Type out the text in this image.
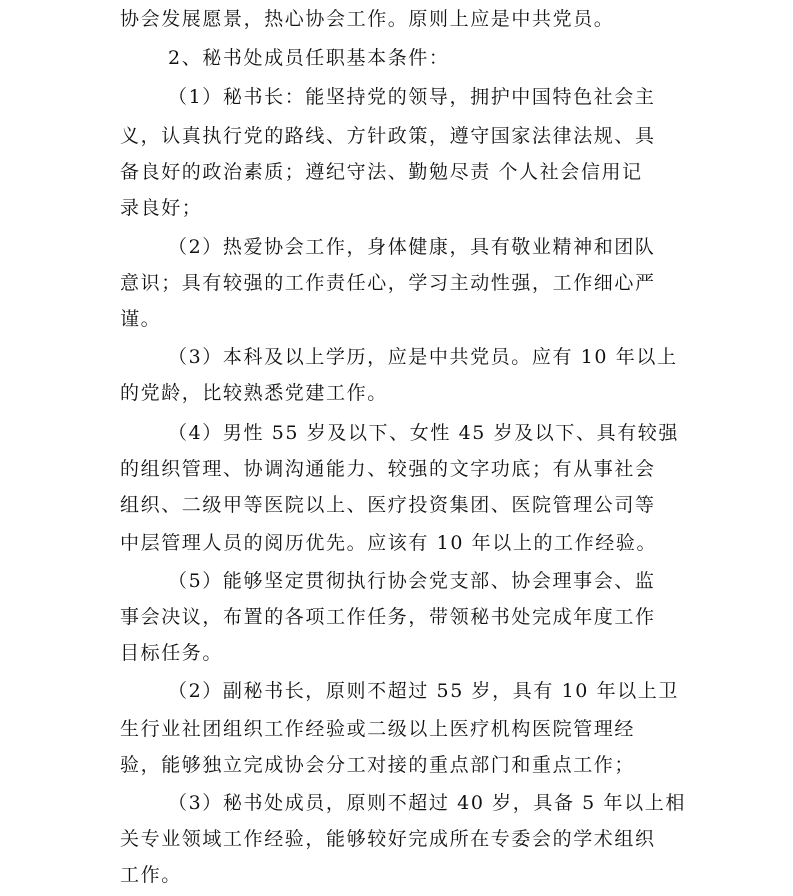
协会发展愿景，热心协会工作。原则上应是中共党员。
2、秘书处成员任职基本条件：
（1）秘书长：能坚持党的领导，拥护中国特色社会主
义，认真执行党的路线、方针政策，遵守国家法律法规、具
备良好的政治素质；遵纪守法、勤勉尽责 个人社会信用记
录良好；
（2）热爱协会工作，身体健康，具有敬业精神和团队
意识；具有较强的工作责任心，学习主动性强，工作细心严
谨。
（3）本科及以上学历，应是中共党员。应有 10 年以上
的党龄，比较熟悉党建工作。
（4）男性 55 岁及以下、女性 45 岁及以下、具有较强
的组织管理、协调沟通能力、较强的文字功底；有从事社会
组织、二级甲等医院以上、医疗投资集团、医院管理公司等
中层管理人员的阅历优先。应该有 10 年以上的工作经验。
（5）能够坚定贯彻执行协会党支部、协会理事会、监
事会决议，布置的各项工作任务，带领秘书处完成年度工作
目标任务。
（2）副秘书长，原则不超过 55 岁，具有 10 年以上卫
生行业社团组织工作经验或二级以上医疗机构医院管理经
验，能够独立完成协会分工对接的重点部门和重点工作；
（3）秘书处成员，原则不超过 40 岁，具备 5 年以上相
关专业领域工作经验，能够较好完成所在专委会的学术组织
工作。
